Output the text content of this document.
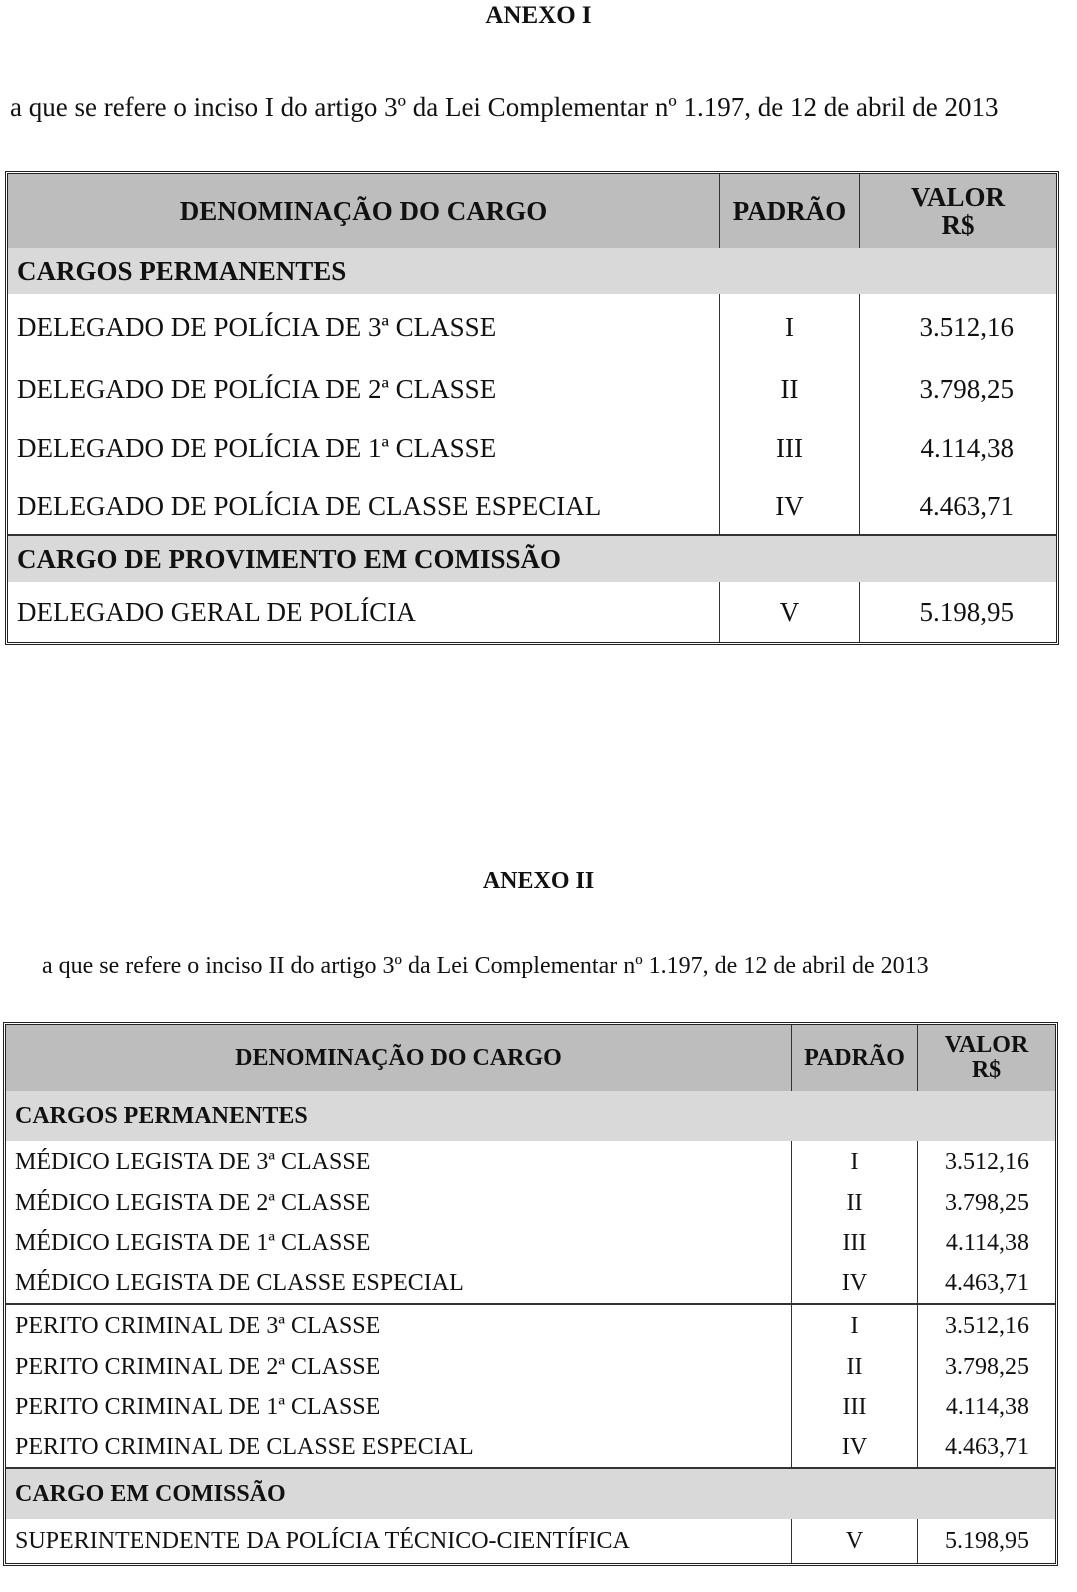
ANEXO I

a que se refere o inciso I do artigo 3º da Lei Complementar nº 1.197, de 12 de abril de 2013

DENOMINAÇÃO DO CARGO	PADRÃO	VALOR
R$
CARGOS PERMANENTES		
DELEGADO DE POLÍCIA DE 3ª CLASSE	I	3.512,16
DELEGADO DE POLÍCIA DE 2ª CLASSE	II	3.798,25
DELEGADO DE POLÍCIA DE 1ª CLASSE	III	4.114,38
DELEGADO DE POLÍCIA DE CLASSE ESPECIAL	IV	4.463,71
CARGO DE PROVIMENTO EM COMISSÃO		
DELEGADO GERAL DE POLÍCIA	V	5.198,95
ANEXO II

a que se refere o inciso II do artigo 3º da Lei Complementar nº 1.197, de 12 de abril de 2013

DENOMINAÇÃO DO CARGO	PADRÃO	VALOR
R$
CARGOS PERMANENTES		
MÉDICO LEGISTA DE 3ª CLASSE	I	3.512,16
MÉDICO LEGISTA DE 2ª CLASSE	II	3.798,25
MÉDICO LEGISTA DE 1ª CLASSE	III	4.114,38
MÉDICO LEGISTA DE CLASSE ESPECIAL	IV	4.463,71
PERITO CRIMINAL DE 3ª CLASSE	I	3.512,16
PERITO CRIMINAL DE 2ª CLASSE	II	3.798,25
PERITO CRIMINAL DE 1ª CLASSE	III	4.114,38
PERITO CRIMINAL DE CLASSE ESPECIAL	IV	4.463,71
CARGO EM COMISSÃO		
SUPERINTENDENTE DA POLÍCIA TÉCNICO-CIENTÍFICA	V	5.198,95
